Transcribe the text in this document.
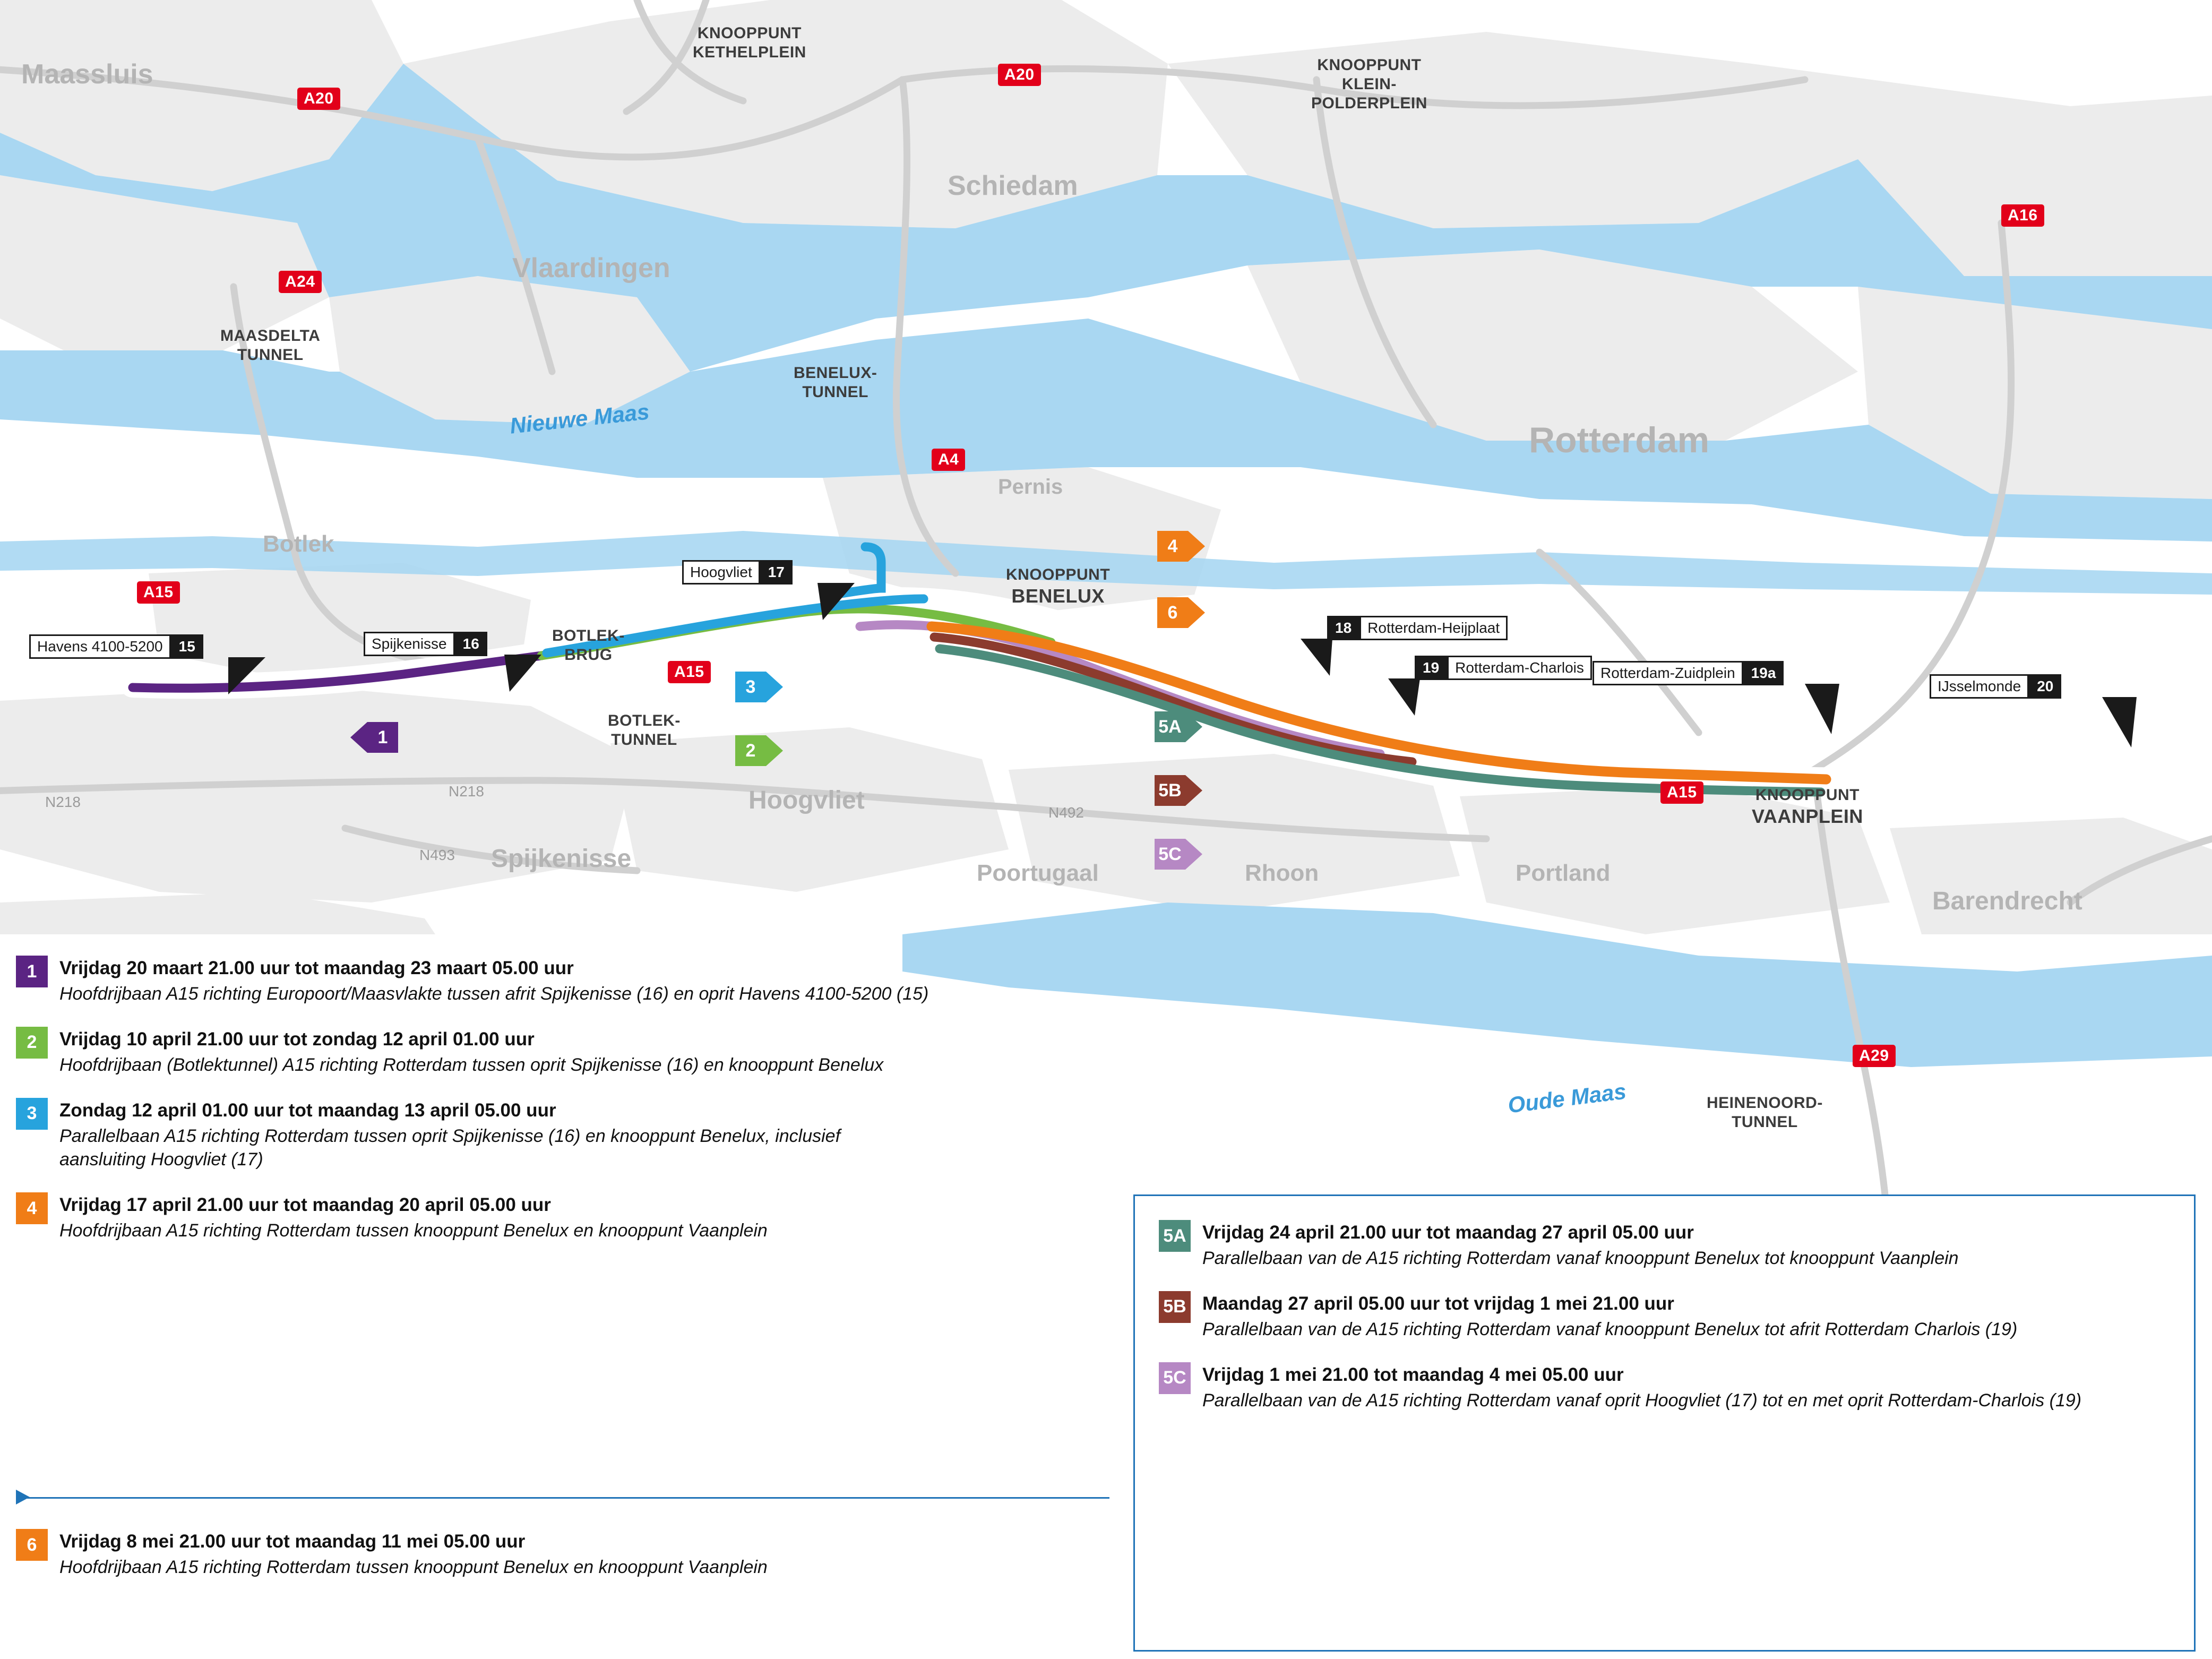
Maassluis
Vlaardingen
Schiedam
Rotterdam
Botlek
Pernis
Hoogvliet
Spijkenisse
Poortugaal	Rhoon	Portland
Barendrecht
KNOOPPUNT
KETHELPLEIN
KNOOPPUNT
KLEIN-
POLDERPLEIN
MAASDELTA
TUNNEL
BENELUX-
TUNNEL
KNOOPPUNT
BENELUX
BOTLEK-
BRUG
BOTLEK-
TUNNEL
KNOOPPUNT
VAANPLEIN
HEINENOORD-
TUNNEL
Nieuwe Maas
Oude Maas
N218
N218
N493
N492
A20
A20
A16
A24
A4
A15
A15
A15
A29
Havens 4100-5200	15	Spijkenisse	16
Hoogvliet	17
18	Rotterdam-Heijplaat
19	Rotterdam-Charlois	Rotterdam-Zuidplein	19a
IJsselmonde	20
1
3
2
4
6
5A
5B
5C
1	Vrijdag 20 maart 21.00 uur tot maandag 23 maart 05.00 uur
Hoofdrijbaan A15 richting Europoort/Maasvlakte tussen afrit Spijkenisse (16) en oprit Havens 4100-5200 (15)
2	Vrijdag 10 april 21.00 uur tot zondag 12 april 01.00 uur
Hoofdrijbaan (Botlektunnel) A15 richting Rotterdam tussen oprit Spijkenisse (16) en knooppunt Benelux
3	Zondag 12 april 01.00 uur tot maandag 13 april 05.00 uur
Parallelbaan A15 richting Rotterdam tussen oprit Spijkenisse (16) en knooppunt Benelux, inclusief aansluiting Hoogvliet (17)
4	Vrijdag 17 april 21.00 uur tot maandag 20 april 05.00 uur
Hoofdrijbaan A15 richting Rotterdam tussen knooppunt Benelux en knooppunt Vaanplein
6	Vrijdag 8 mei 21.00 uur tot maandag 11 mei 05.00 uur
Hoofdrijbaan A15 richting Rotterdam tussen knooppunt Benelux en knooppunt Vaanplein
5A Vrijdag 24 april 21.00 uur tot maandag 27 april 05.00 uur
Parallelbaan van de A15 richting Rotterdam vanaf knooppunt Benelux tot knooppunt Vaanplein
5B Maandag 27 april 05.00 uur tot vrijdag 1 mei 21.00 uur
Parallelbaan van de A15 richting Rotterdam vanaf knooppunt Benelux tot afrit Rotterdam Charlois (19)
5C Vrijdag 1 mei 21.00 tot maandag 4 mei 05.00 uur
Parallelbaan van de A15 richting Rotterdam vanaf oprit Hoogvliet (17) tot en met oprit Rotterdam-Charlois (19)
